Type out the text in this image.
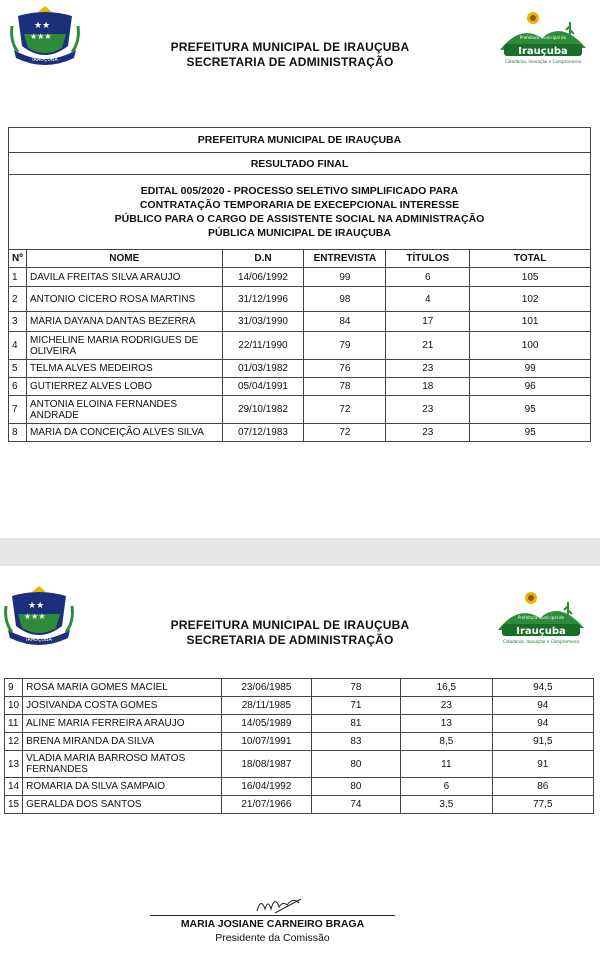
★★
★★★
IRAUÇUBA
PREFEITURA MUNICIPAL DE IRAUÇUBA
SECRETARIA DE ADMINISTRAÇÃO
Prefeitura Municipal de
Irauçuba
Cidadania, Inovação e Compromisso
PREFEITURA MUNICIPAL DE IRAUÇUBA					
RESULTADO FINAL					

EDITAL 005/2020 - PROCESSO SELETIVO SIMPLIFICADO PARA
CONTRATAÇÃO TEMPORARIA DE EXECEPCIONAL INTERESSE
PÚBLICO PARA O CARGO DE ASSISTENTE SOCIAL NA ADMINISTRAÇÃO
PÚBLICA MUNICIPAL DE IRAUÇUBA					

Nº	NOME	D.N	ENTREVISTA	TÍTULOS	TOTAL
1	DAVILA FREITAS SILVA ARAUJO	14/06/1992	99	6	105
2	ANTONIO CICERO ROSA MARTINS	31/12/1996	98	4	102
3	MARIA DAYANA DANTAS BEZERRA	31/03/1990	84	17	101
4	MICHELINE MARIA RODRIGUES DE OLIVEIRA	22/11/1990	79	21	100
5	TELMA ALVES MEDEIROS	01/03/1982	76	23	99
6	GUTIERREZ ALVES LOBO	05/04/1991	78	18	96
7	ANTONIA ELOINA FERNANDES ANDRADE	29/10/1982	72	23	95
8	MARIA DA CONCEIÇÃO ALVES SILVA	07/12/1983	72	23	95
★★
★★★
IRAUÇUBA
PREFEITURA MUNICIPAL DE IRAUÇUBA
SECRETARIA DE ADMINISTRAÇÃO
Prefeitura Municipal de
Irauçuba
Cidadania, Inovação e Compromisso
9	ROSA MARIA GOMES MACIEL	23/06/1985	78	16,5	94,5
10	JOSIVANDA COSTA GOMES	28/11/1985	71	23	94
11	ALINE MARIA FERREIRA ARAUJO	14/05/1989	81	13	94
12	BRENA MIRANDA DA SILVA	10/07/1991	83	8,5	91,5
13	VLADIA MARIA BARROSO MATOS FERNANDES	18/08/1987	80	11	91
14	ROMARIA DA SILVA SAMPAIO	16/04/1992	80	6	86
15	GERALDA DOS SANTOS	21/07/1966	74	3,5	77,5
MARIA JOSIANE CARNEIRO BRAGA
Presidente da Comissão
